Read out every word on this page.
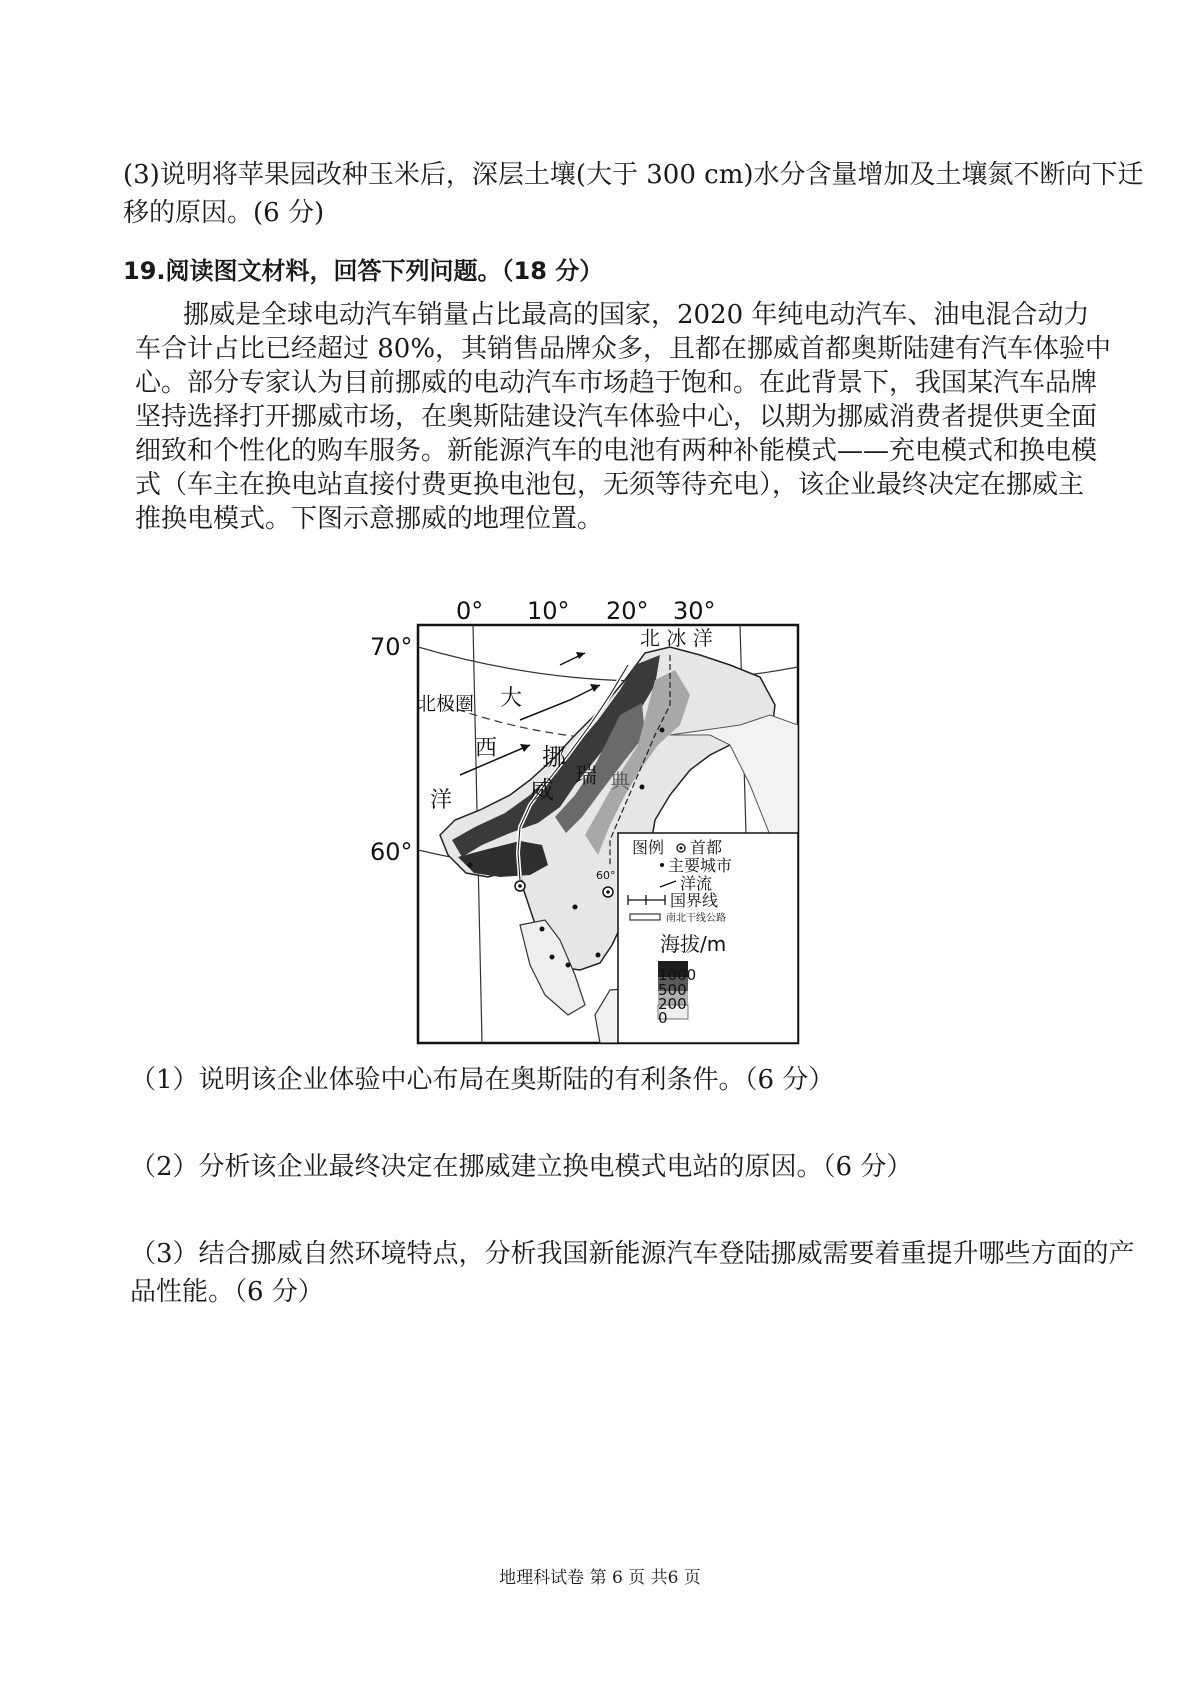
(3)说明将苹果园改种玉米后，深层土壤(大于 300 cm)水分含量增加及土壤氮不断向下迁
移的原因。(6 分)
19.阅读图文材料，回答下列问题。（18 分）
挪威是全球电动汽车销量占比最高的国家，2020 年纯电动汽车、油电混合动力
车合计占比已经超过 80%，其销售品牌众多，且都在挪威首都奥斯陆建有汽车体验中
心。部分专家认为目前挪威的电动汽车市场趋于饱和。在此背景下，我国某汽车品牌
坚持选择打开挪威市场，在奥斯陆建设汽车体验中心，以期为挪威消费者提供更全面
细致和个性化的购车服务。新能源汽车的电池有两种补能模式——充电模式和换电模
式（车主在换电站直接付费更换电池包，无须等待充电），该企业最终决定在挪威主
推换电模式。下图示意挪威的地理位置。
0° 10° 20° 30°
70°
60°
北 冰 洋
北极圈 大
西
洋
挪
威 瑞 典
60°
图例 首都
主要城市
洋流
国界线
南北干线公路
海拔/m
1000
500
200
0
（1）说明该企业体验中心布局在奥斯陆的有利条件。（6 分）
（2）分析该企业最终决定在挪威建立换电模式电站的原因。（6 分）
（3）结合挪威自然环境特点，分析我国新能源汽车登陆挪威需要着重提升哪些方面的产
品性能。（6 分）
地理科试卷 第 6 页 共6 页
